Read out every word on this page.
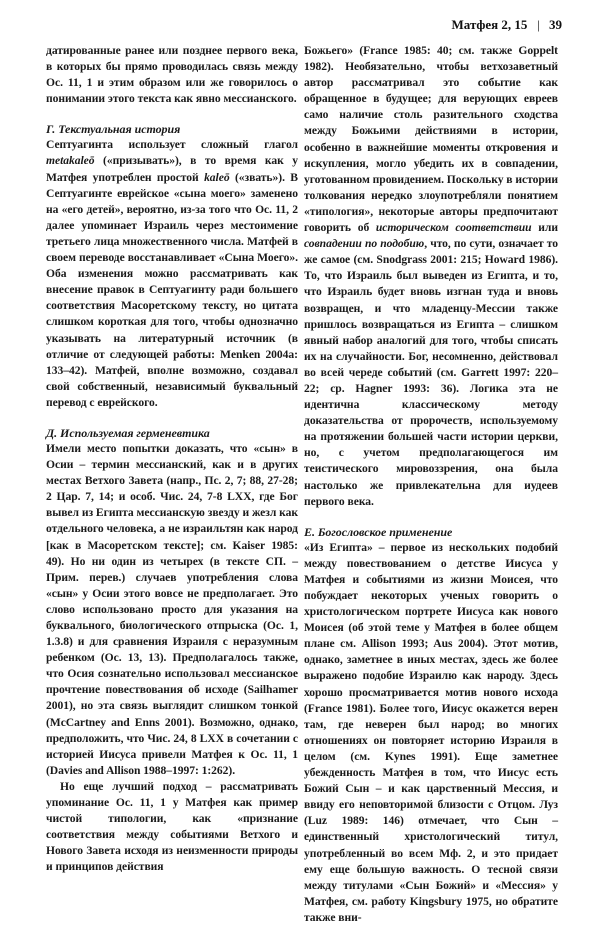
Матфея 2, 15 | 39

датированные ранее или позднее первого века, в которых бы прямо проводилась связь между Ос. 11, 1 и этим образом или же говорилось о понимании этого текста как явно мессианского.

Г. Текстуальная история

Септуагинта использует сложный глагол metakaleō («призывать»), в то время как у Матфея употреблен простой kaleō («звать»). В Септуагинте еврейское «сына моего» заменено на «его детей», вероятно, из-за того что Ос. 11, 2 далее упоминает Израиль через местоимение третьего лица множественного числа. Матфей в своем переводе восстанавливает «Сына Моего». Оба изменения можно рассматривать как внесение правок в Септуагинту ради большего соответствия Масоретскому тексту, но цитата слишком короткая для того, чтобы однозначно указывать на литературный источник (в отличие от следующей работы: Menken 2004a: 133–42). Матфей, вполне возможно, создавал свой собственный, независимый буквальный перевод с еврейского.

Д. Используемая герменевтика

Имели место попытки доказать, что «сын» в Осии – термин мессианский, как и в других местах Ветхого Завета (напр., Пс. 2, 7; 88, 27-28; 2 Цар. 7, 14; и особ. Чис. 24, 7-8 LXX, где Бог вывел из Египта мессианскую звезду и жезл как отдельного человека, а не израильтян как народ [как в Масоретском тексте]; см. Kaiser 1985: 49). Но ни один из четырех (в тексте СП. – Прим. перев.) случаев употребления слова «сын» у Осии этого вовсе не предполагает. Это слово использовано просто для указания на буквального, биологического отпрыска (Ос. 1, 1.3.8) и для сравнения Израиля с неразумным ребенком (Ос. 13, 13). Предполагалось также, что Осия сознательно использовал мессианское прочтение повествования об исходе (Sailhamer 2001), но эта связь выглядит слишком тонкой (McCartney and Enns 2001). Возможно, однако, предположить, что Чис. 24, 8 LXX в сочетании с историей Иисуса привели Матфея к Ос. 11, 1 (Davies and Allison 1988–1997: 1:262).

Но еще лучший подход – рассматривать упоминание Ос. 11, 1 у Матфея как пример чистой типологии, как «признание соответствия между событиями Ветхого и Нового Завета исходя из неизменности природы и принципов действия

Божьего» (France 1985: 40; см. также Goppelt 1982). Необязательно, чтобы ветхозаветный автор рассматривал это событие как обращенное в будущее; для верующих евреев само наличие столь разительного сходства между Божьими действиями в истории, особенно в важнейшие моменты откровения и искупления, могло убедить их в совпадении, уготованном провидением. Поскольку в истории толкования нередко злоупотребляли понятием «типология», некоторые авторы предпочитают говорить об историческом соответствии или совпадении по подобию, что, по сути, означает то же самое (см. Snodgrass 2001: 215; Howard 1986). То, что Израиль был выведен из Египта, и то, что Израиль будет вновь изгнан туда и вновь возвращен, и что младенцу-Мессии также пришлось возвращаться из Египта – слишком явный набор аналогий для того, чтобы списать их на случайности. Бог, несомненно, действовал во всей череде событий (см. Garrett 1997: 220–22; ср. Hagner 1993: 36). Логика эта не идентична классическому методу доказательства от пророчеств, используемому на протяжении большей части истории церкви, но, с учетом предполагающегося им теистического мировоззрения, она была настолько же привлекательна для иудеев первого века.

Е. Богословское применение

«Из Египта» – первое из нескольких подобий между повествованием о детстве Иисуса у Матфея и событиями из жизни Моисея, что побуждает некоторых ученых говорить о христологическом портрете Иисуса как нового Моисея (об этой теме у Матфея в более общем плане см. Allison 1993; Aus 2004). Этот мотив, однако, заметнее в иных местах, здесь же более выражено подобие Израилю как народу. Здесь хорошо просматривается мотив нового исхода (France 1981). Более того, Иисус окажется верен там, где неверен был народ; во многих отношениях он повторяет историю Израиля в целом (см. Kynes 1991). Еще заметнее убежденность Матфея в том, что Иисус есть Божий Сын – и как царственный Мессия, и ввиду его неповторимой близости с Отцом. Луз (Luz 1989: 146) отмечает, что Сын – единственный христологический титул, употребленный во всем Мф. 2, и это придает ему еще большую важность. О тесной связи между титулами «Сын Божий» и «Мессия» у Матфея, см. работу Kingsbury 1975, но обратите также вни-
